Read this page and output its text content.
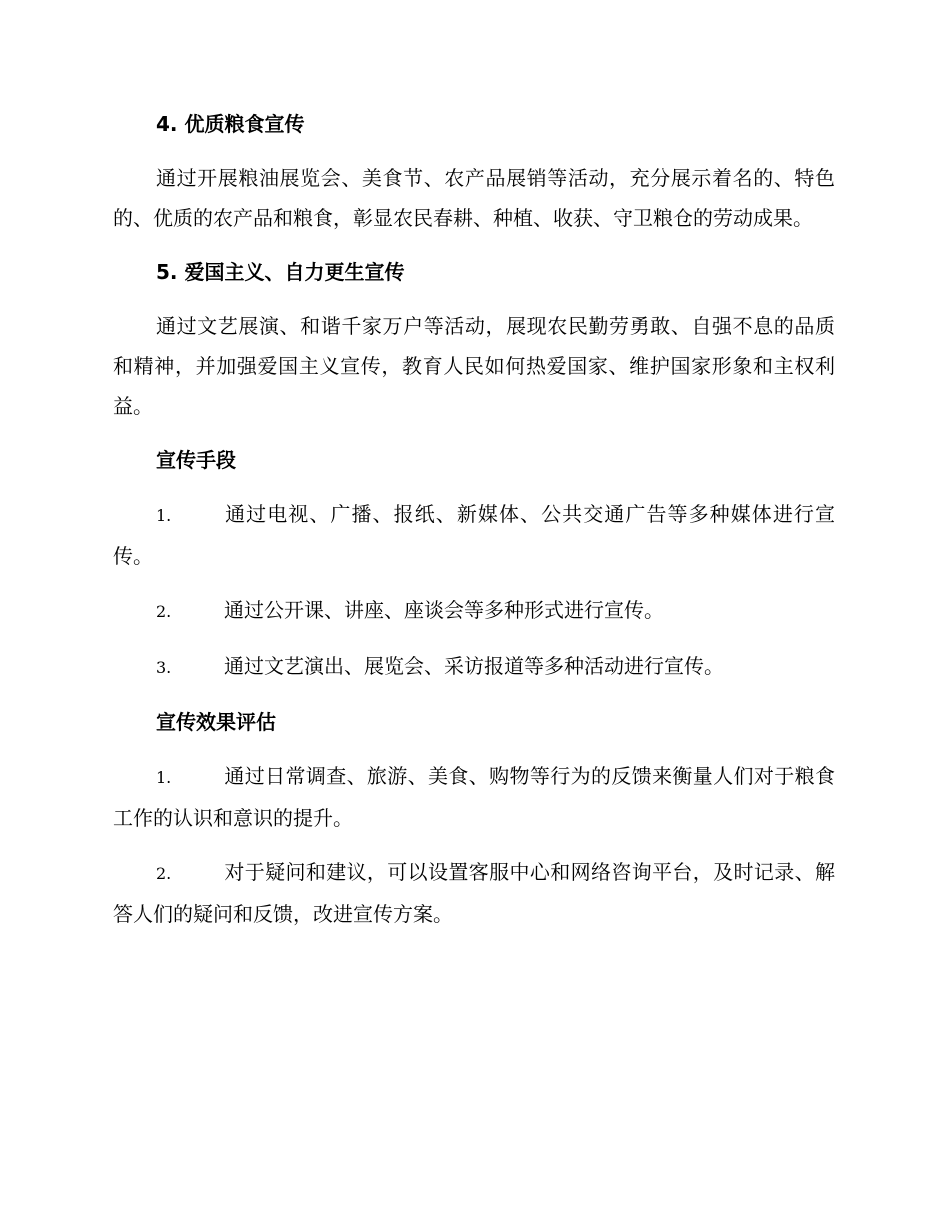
4. 优质粮食宣传
通过开展粮油展览会、美食节、农产品展销等活动，充分展示着名的、特色的、优质的农产品和粮食，彰显农民春耕、种植、收获、守卫粮仓的劳动成果。
5. 爱国主义、自力更生宣传
通过文艺展演、和谐千家万户等活动，展现农民勤劳勇敢、自强不息的品质和精神，并加强爱国主义宣传，教育人民如何热爱国家、维护国家形象和主权利益。
宣传手段
1.	通过电视、广播、报纸、新媒体、公共交通广告等多种媒体进行宣传。
2.	通过公开课、讲座、座谈会等多种形式进行宣传。
3.	通过文艺演出、展览会、采访报道等多种活动进行宣传。
宣传效果评估
1.	通过日常调查、旅游、美食、购物等行为的反馈来衡量人们对于粮食工作的认识和意识的提升。
2.	对于疑问和建议，可以设置客服中心和网络咨询平台，及时记录、解答人们的疑问和反馈，改进宣传方案。
